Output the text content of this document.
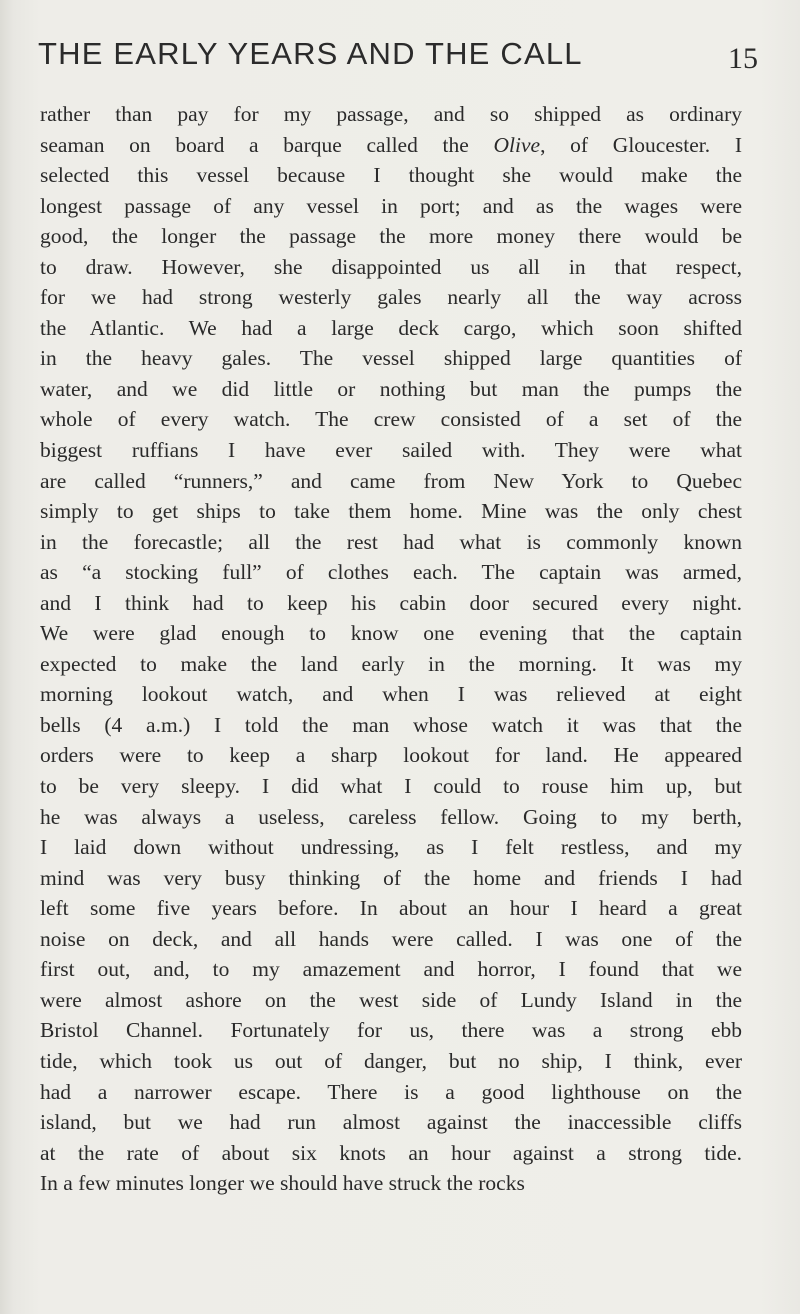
THE EARLY YEARS AND THE CALL	15
rather than pay for my passage, and so shipped as ordinary
seaman on board a barque called the Olive, of Gloucester. I
selected this vessel because I thought she would make the
longest passage of any vessel in port; and as the wages were
good, the longer the passage the more money there would be
to draw. However, she disappointed us all in that respect,
for we had strong westerly gales nearly all the way across
the Atlantic. We had a large deck cargo, which soon shifted
in the heavy gales. The vessel shipped large quantities of
water, and we did little or nothing but man the pumps the
whole of every watch. The crew consisted of a set of the
biggest ruffians I have ever sailed with. They were what
are called “runners,” and came from New York to Quebec
simply to get ships to take them home. Mine was the only chest
in the forecastle; all the rest had what is commonly known
as “a stocking full” of clothes each. The captain was armed,
and I think had to keep his cabin door secured every night.
We were glad enough to know one evening that the captain
expected to make the land early in the morning. It was my
morning lookout watch, and when I was relieved at eight
bells (4 a.m.) I told the man whose watch it was that the
orders were to keep a sharp lookout for land. He appeared
to be very sleepy. I did what I could to rouse him up, but
he was always a useless, careless fellow. Going to my berth,
I laid down without undressing, as I felt restless, and my
mind was very busy thinking of the home and friends I had
left some five years before. In about an hour I heard a great
noise on deck, and all hands were called. I was one of the
first out, and, to my amazement and horror, I found that we
were almost ashore on the west side of Lundy Island in the
Bristol Channel. Fortunately for us, there was a strong ebb
tide, which took us out of danger, but no ship, I think, ever
had a narrower escape. There is a good lighthouse on the
island, but we had run almost against the inaccessible cliffs
at the rate of about six knots an hour against a strong tide.
In a few minutes longer we should have struck the rocks
